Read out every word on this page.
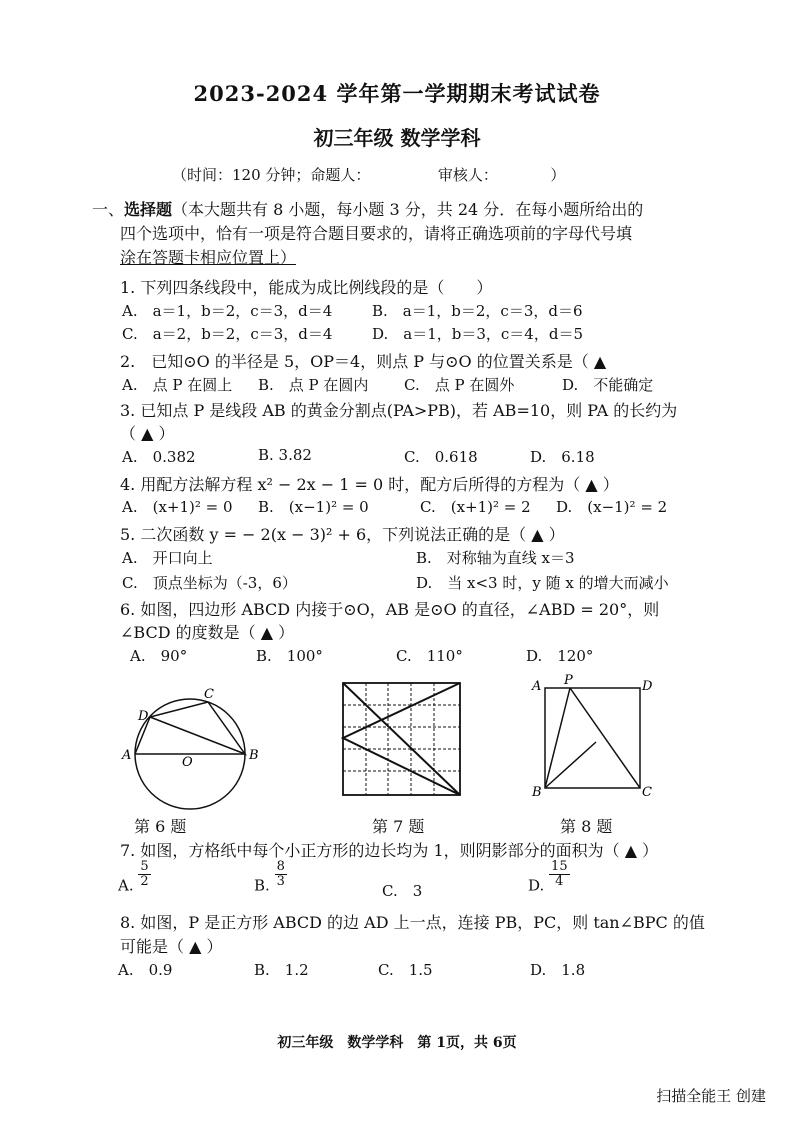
2023-2024 学年第一学期期末考试试卷
初三年级 数学学科
（时间：120 分钟；命题人：　　　　　审核人：　　　　）
一、选择题（本大题共有 8 小题，每小题 3 分，共 24 分．在每小题所给出的
四个选项中，恰有一项是符合题目要求的，请将正确选项前的字母代号填
涂在答题卡相应位置上）
1. 下列四条线段中，能成为成比例线段的是（　　）
A.　a＝1，b＝2，c＝3，d＝4	B.　a＝1，b＝2，c＝3，d＝6
C.　a＝2，b＝2，c＝3，d＝4	D.　a＝1，b＝3，c＝4，d＝5
2.　已知⊙O 的半径是 5，OP＝4，则点 P 与⊙O 的位置关系是（ ▲
A.　点 P 在圆上 B.　点 P 在圆内 C.　点 P 在圆外	D.　不能确定
3. 已知点 P 是线段 AB 的黄金分割点(PA>PB)，若 AB=10，则 PA 的长约为
（ ▲ ）
A.　0.382	B. 3.82	C.　0.618	D.　6.18
4. 用配方法解方程 x² − 2x − 1 = 0 时，配方后所得的方程为（ ▲ ）
A.　(x+1)² = 0 B.　(x−1)² = 0	C.　(x+1)² = 2 D.　(x−1)² = 2
5. 二次函数 y = − 2(x − 3)² + 6，下列说法正确的是（ ▲ ）
A.　开口向上	B.　对称轴为直线 x＝3
C.　顶点坐标为（-3，6）	D.　当 x<3 时，y 随 x 的增大而减小
6. 如图，四边形 ABCD 内接于⊙O，AB 是⊙O 的直径，∠ABD = 20°，则
∠BCD 的度数是（ ▲ ）
A.　90°	B.　100°	C.　110°	D.　120°
A	B
C
D
O
第 6 题	第 7 题
A P	D
B	C
第 8 题
7. 如图，方格纸中每个小正方形的边长均为 1，则阴影部分的面积为（ ▲ ）
A. $\frac{5}{2}$	B. $\frac{8}{3}$
C.　3	D. $\frac{15}{4}$
8. 如图，P 是正方形 ABCD 的边 AD 上一点，连接 PB，PC，则 tan∠BPC 的值
可能是（ ▲ ）
A.　0.9	B.　1.2	C.　1.5	D.　1.8
初三年级　数学学科　第 1页，共 6页
扫描全能王 创建
